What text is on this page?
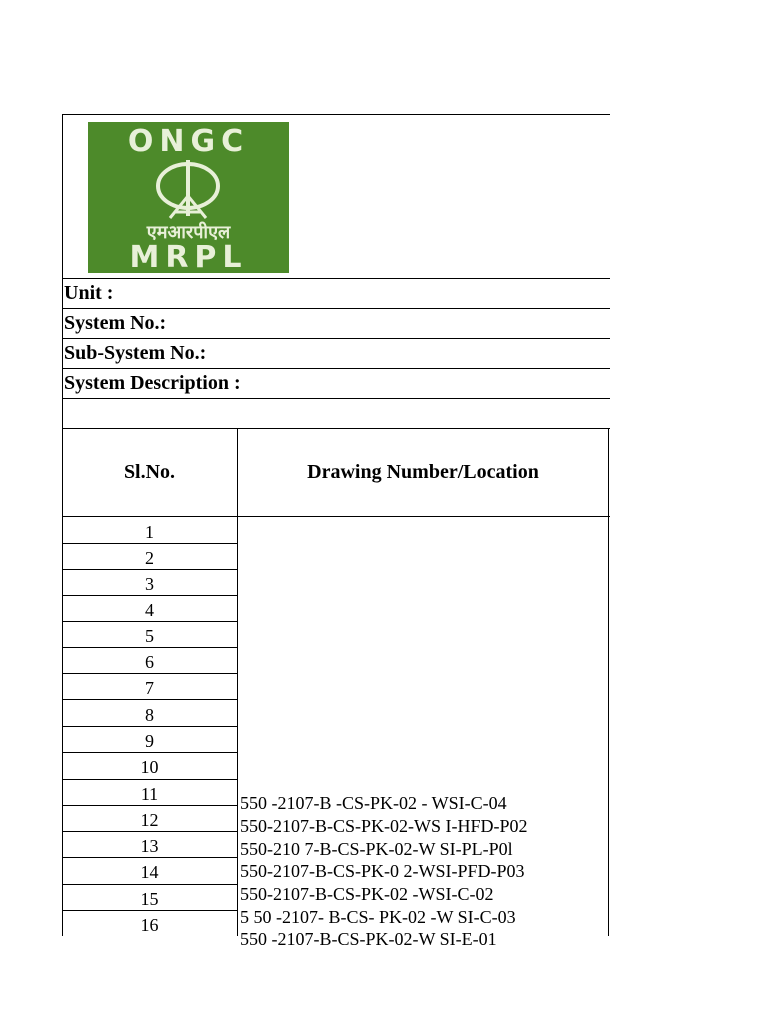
ONGC
एमआरपीएल
MRPL
Unit :
System No.:
Sub-System No.:
System Description :
Sl.No.	Drawing Number/Location
1
2
3
4
5
6
7
8
9
10
11
12
13
14
15
16
550 -2107-B -CS-PK-02 - WSI-C-04
550-2107-B-CS-PK-02-WS I-HFD-P02
550-210 7-B-CS-PK-02-W SI-PL-P0l
550-2107-B-CS-PK-0 2-WSI-PFD-P03
550-2107-B-CS-PK-02 -WSI-C-02
5 50 -2107- B-CS- PK-02 -W SI-C-03
550 -2107-B-CS-PK-02-W SI-E-01
